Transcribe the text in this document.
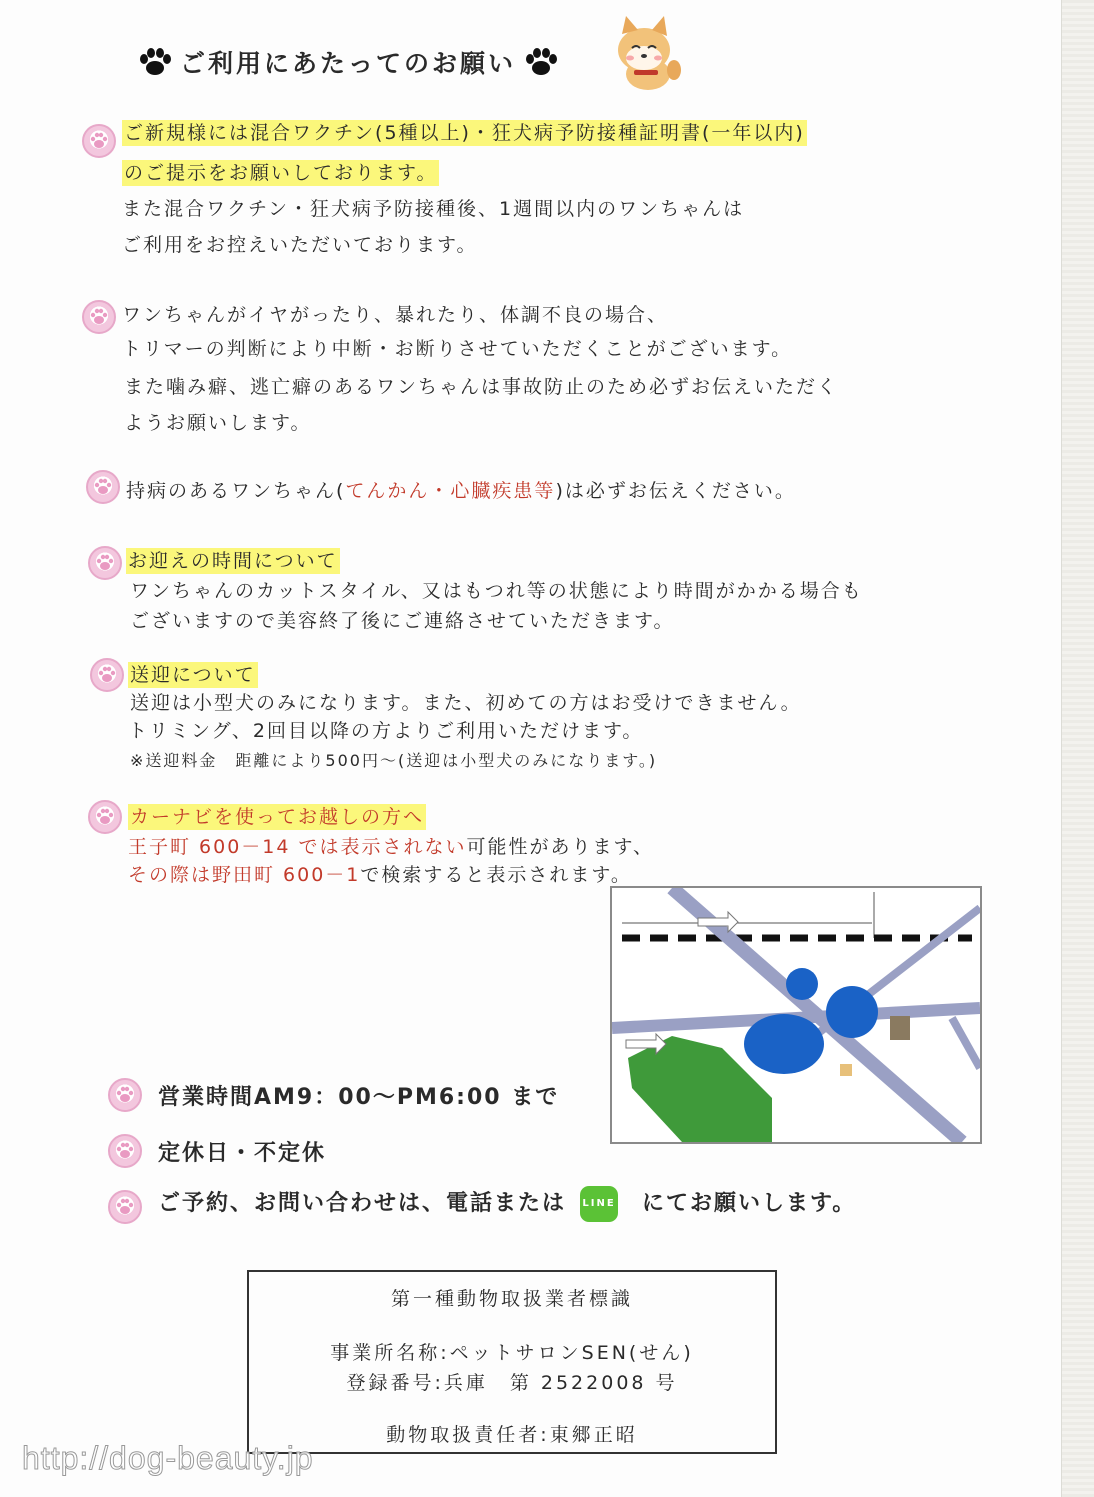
ご利用にあたってのお願い
ご新規様には混合ワクチン(5種以上)・狂犬病予防接種証明書(一年以内)
のご提示をお願いしております。
また混合ワクチン・狂犬病予防接種後、1週間以内のワンちゃんは
ご利用をお控えいただいております。
ワンちゃんがイヤがったり、暴れたり、体調不良の場合、
トリマーの判断により中断・お断りさせていただくことがございます。
また噛み癖、逃亡癖のあるワンちゃんは事故防止のため必ずお伝えいただく
ようお願いします。
持病のあるワンちゃん(てんかん・心臓疾患等)は必ずお伝えください。
お迎えの時間について
ワンちゃんのカットスタイル、又はもつれ等の状態により時間がかかる場合も
ございますので美容終了後にご連絡させていただきます。
送迎について
送迎は小型犬のみになります。また、初めての方はお受けできません。
トリミング、2回目以降の方よりご利用いただけます。
※送迎料金　距離により500円～(送迎は小型犬のみになります。)
カーナビを使ってお越しの方へ
王子町 600－14 では表示されない可能性があります、
その際は野田町 600－1で検索すると表示されます。
営業時間AM9：00～PM6:00 まで
定休日・不定休
ご予約、お問い合わせは、電話または LINE にてお願いします。
第一種動物取扱業者標識
事業所名称:ペットサロンSEN(せん)
登録番号:兵庫　第 2522008 号
動物取扱責任者:東郷正昭
http://dog-beauty.jp
